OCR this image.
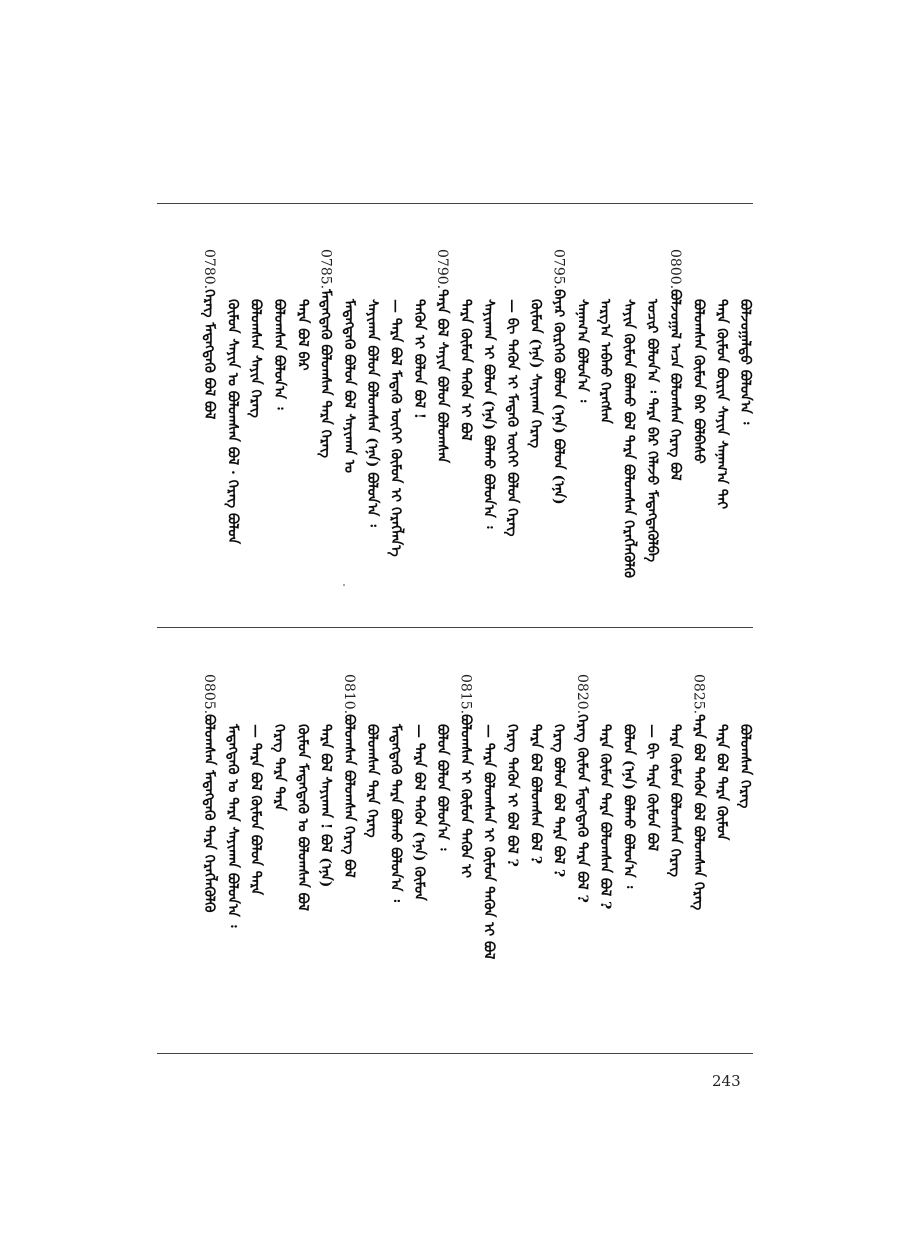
ᠪᠣᠯᠵᠣᠭᠠᠯᠲᠤ ᠪᠣᠯᠤᠨ᠎ᠠ ᠄
ᠲᠡᠷᠡ ᠬᠦᠮᠦᠨ ᠪᠦᠷᠢᠨ ᠰᠠᠶᠢᠨ ᠰᠠᠨᠠᠭ᠎ᠠ ᠲᠠᠶ
ᠪᠣᠯᠤᠭᠰᠠᠨ ᠬᠦᠮᠦᠨ ᠪᠡᠷ ᠪᠣᠯᠪᠠᠰᠤ
0800.ᠪᠣᠯᠵᠣᠭᠠᠯ ᠠᠴᠠ ᠪᠣᠯᠣᠭᠰᠠᠨ ᠬᠡᠷᠡᠭ ᠪᠣᠯ
ᠤᠴᠢᠷ ᠪᠣᠯᠤᠨ᠎ᠠ ᠄ ᠲᠡᠷᠡ ᠪᠡᠷ ᠬᠡᠯᠡᠵᠦ ᠮᠡᠳᠡᠭᠳᠡᠭᠦᠯᠪᠡ
ᠰᠠᠶᠢᠨ ᠬᠦᠮᠦᠨ ᠪᠣᠯᠬᠤ ᠪᠣᠯ ᠲᠡᠷᠡ ᠪᠣᠯᠤᠭᠰᠠᠨ ᠬᠡᠷᠡᠭᠯᠡᠭᠦᠯᠬᠦ
ᠠᠷᠭ᠎ᠠ ᠠᠪᠬᠤ ᠬᠡᠷᠡᠭᠰᠡᠨ
ᠰᠠᠨᠠᠭ᠎ᠠ ᠪᠣᠯᠤᠨ᠎ᠠ ᠄
0795.ᠪᠠᠶᠠᠷ ᠬᠦᠷᠭᠡᠬᠦ ᠪᠣᠯᠤᠨ (ᠡᠨᠡ) ᠪᠣᠯᠤᠨ (ᠡᠨᠡ)
ᠬᠦᠮᠦᠨ (ᠡᠨᠡ) ᠰᠠᠶᠢᠬᠠᠨ ᠬᠡᠷᠡᠭ
— ᠪᠢ ᠲᠡᠭᠦᠨ ᠢ ᠮᠡᠳᠡᠬᠦ ᠦᠭᠡᠢ ᠪᠣᠯᠤᠨ ᠬᠡᠷᠡᠭ
ᠰᠠᠶᠢᠬᠠᠨ ᠢ ᠪᠣᠯᠤᠨ (ᠡᠨᠡ) ᠪᠣᠯᠬᠤ ᠪᠣᠯᠤᠨ᠎ᠠ ᠄
ᠲᠡᠷᠡ ᠬᠦᠮᠦᠨ ᠲᠡᠭᠦᠨ ᠢ ᠪᠣᠯ
0790.ᠲᠡᠷᠡ ᠪᠣᠯ ᠰᠠᠶᠢᠨ ᠪᠣᠯᠤᠨ ᠪᠣᠯᠣᠭᠰᠠᠨ
ᠲᠡᠭᠦᠨ ᠢ ᠪᠣᠯᠤᠨ ᠪᠣᠯ !
— ᠲᠡᠷᠡ ᠪᠣᠯ ᠮᠡᠳᠡᠬᠦ ᠦᠭᠡᠢ ᠬᠦᠮᠦᠨ ᠢ ᠬᠡᠷᠡᠭᠯᠡᠨ᠎ᠡ
ᠰᠠᠶᠢᠬᠠᠨ ᠪᠣᠯᠤᠨ ᠪᠣᠯᠤᠭᠰᠠᠨ (ᠡᠨᠡ) ᠪᠣᠯᠤᠨ᠎ᠠ ᠄
ᠮᠡᠳᠡᠭᠳᠡᠬᠦ ᠪᠣᠯᠤᠨ ᠪᠣᠯ ᠰᠠᠶᠢᠬᠠᠨ ᠤ
0785.ᠮᠡᠳᠡᠭᠳᠡᠬᠦ ᠪᠣᠯᠣᠭᠰᠠᠨ ᠲᠡᠷᠡ ᠬᠡᠷᠡᠭ
ᠲᠡᠷᠡ ᠪᠣᠯ ᠪᠡᠷ
ᠪᠣᠯᠤᠭᠰᠠᠨ ᠪᠣᠯᠤᠨ᠎ᠠ ᠄
ᠪᠣᠯᠣᠭᠰᠠᠨ ᠰᠠᠶᠢᠨ ᠬᠡᠷᠡᠭ
ᠬᠦᠮᠦᠨ ᠰᠠᠶᠢᠨ ᠤ ᠪᠣᠯᠣᠭᠰᠠᠨ ᠪᠣᠯ · ᠬᠡᠷᠡᠭ ᠪᠣᠯᠤᠨ
0780.ᠬᠡᠷᠡᠭ ᠮᠡᠳᠡᠭᠳᠡᠬᠦ ᠪᠣᠯ ᠪᠣᠯ
ᠪᠣᠯᠣᠭᠰᠠᠨ ᠬᠡᠷᠡᠭ
ᠲᠡᠷᠡ ᠪᠣᠯ ᠲᠡᠷᠡ ᠬᠦᠮᠦᠨ
0825.ᠲᠡᠷᠡ ᠪᠣᠯ ᠲᠡᠭᠦᠨ ᠪᠣᠯ ᠪᠣᠯᠣᠭᠰᠠᠨ ᠬᠡᠷᠡᠭ
ᠲᠡᠷᠡ ᠬᠦᠮᠦᠨ ᠪᠣᠯᠣᠭᠰᠠᠨ ᠬᠡᠷᠡᠭ
— ᠪᠢ ᠲᠡᠷᠡ ᠬᠦᠮᠦᠨ ᠪᠣᠯ
ᠪᠣᠯᠤᠨ (ᠡᠨᠡ) ᠪᠣᠯᠬᠤ ᠪᠣᠯᠤᠨ᠎ᠠ ᠄
ᠲᠡᠷᠡ ᠬᠦᠮᠦᠨ ᠲᠡᠷᠡ ᠪᠣᠯᠤᠭᠰᠠᠨ ᠪᠣᠯ ?
0820.ᠬᠡᠷᠡᠭ ᠬᠦᠮᠦᠨ ᠮᠡᠳᠡᠭᠳᠡᠬᠦ ᠲᠡᠷᠡ ᠪᠣᠯ ?
ᠬᠡᠷᠡᠭ ᠪᠣᠯᠤᠨ ᠪᠣᠯ ᠲᠡᠷᠡ ᠪᠣᠯ ?
ᠲᠡᠷᠡ ᠪᠣᠯ ᠪᠣᠯᠣᠭᠰᠠᠨ ᠪᠣᠯ ?
ᠬᠡᠷᠡᠭ ᠲᠡᠭᠦᠨ ᠢ ᠪᠣᠯ ᠪᠣᠯ ?
— ᠲᠡᠷᠡ ᠪᠣᠯᠣᠭᠰᠠᠨ ᠢ ᠬᠦᠮᠦᠨ ᠲᠡᠭᠦᠨ ᠢ ᠪᠣᠯ
0815.ᠪᠣᠯᠣᠭᠰᠠᠨ ᠢ ᠬᠦᠮᠦᠨ ᠲᠡᠭᠦᠨ ᠢ
ᠪᠣᠯᠤᠨ ᠪᠣᠯᠤᠨ ᠪᠣᠯᠤᠨ᠎ᠠ ᠄
— ᠲᠡᠷᠡ ᠪᠣᠯ ᠲᠡᠭᠦᠨ (ᠡᠨᠡ) ᠬᠦᠮᠦᠨ
ᠮᠡᠳᠡᠭᠳᠡᠬᠦ ᠲᠡᠷᠡ ᠪᠣᠯᠬᠤ ᠪᠣᠯᠤᠨ᠎ᠠ ᠄
ᠪᠣᠯᠣᠭᠰᠠᠨ ᠲᠡᠷᠡ ᠬᠡᠷᠡᠭ
0810.ᠪᠣᠯᠤᠭᠰᠠᠨ ᠪᠣᠯᠣᠭᠰᠠᠨ ᠬᠡᠷᠡᠭ ᠪᠣᠯ
ᠲᠡᠷᠡ ᠪᠣᠯ ᠰᠠᠶᠢᠬᠠᠨ ! ᠪᠣᠯ (ᠡᠨᠡ)
ᠬᠦᠮᠦᠨ ᠮᠡᠳᠡᠭᠳᠡᠬᠦ ᠤ ᠪᠣᠯᠣᠭᠰᠠᠨ ᠪᠣᠯ
ᠬᠡᠷᠡᠭ ᠲᠡᠷᠡ ᠲᠡᠷᠡ
— ᠲᠡᠷᠡ ᠪᠣᠯ ᠬᠦᠮᠦᠨ ᠪᠣᠯᠤᠨ ᠲᠡᠷᠡ
ᠮᠡᠳᠡᠭᠳᠡᠬᠦ ᠤ ᠲᠡᠷᠡ ᠰᠠᠶᠢᠬᠠᠨ ᠪᠣᠯᠤᠨ᠎ᠠ ᠄
0805.ᠪᠣᠯᠣᠭᠰᠠᠨ ᠮᠡᠳᠡᠭᠳᠡᠬᠦ ᠲᠡᠷᠡ ᠬᠡᠷᠡᠭᠯᠡᠭᠦᠯᠬᠦ
243
